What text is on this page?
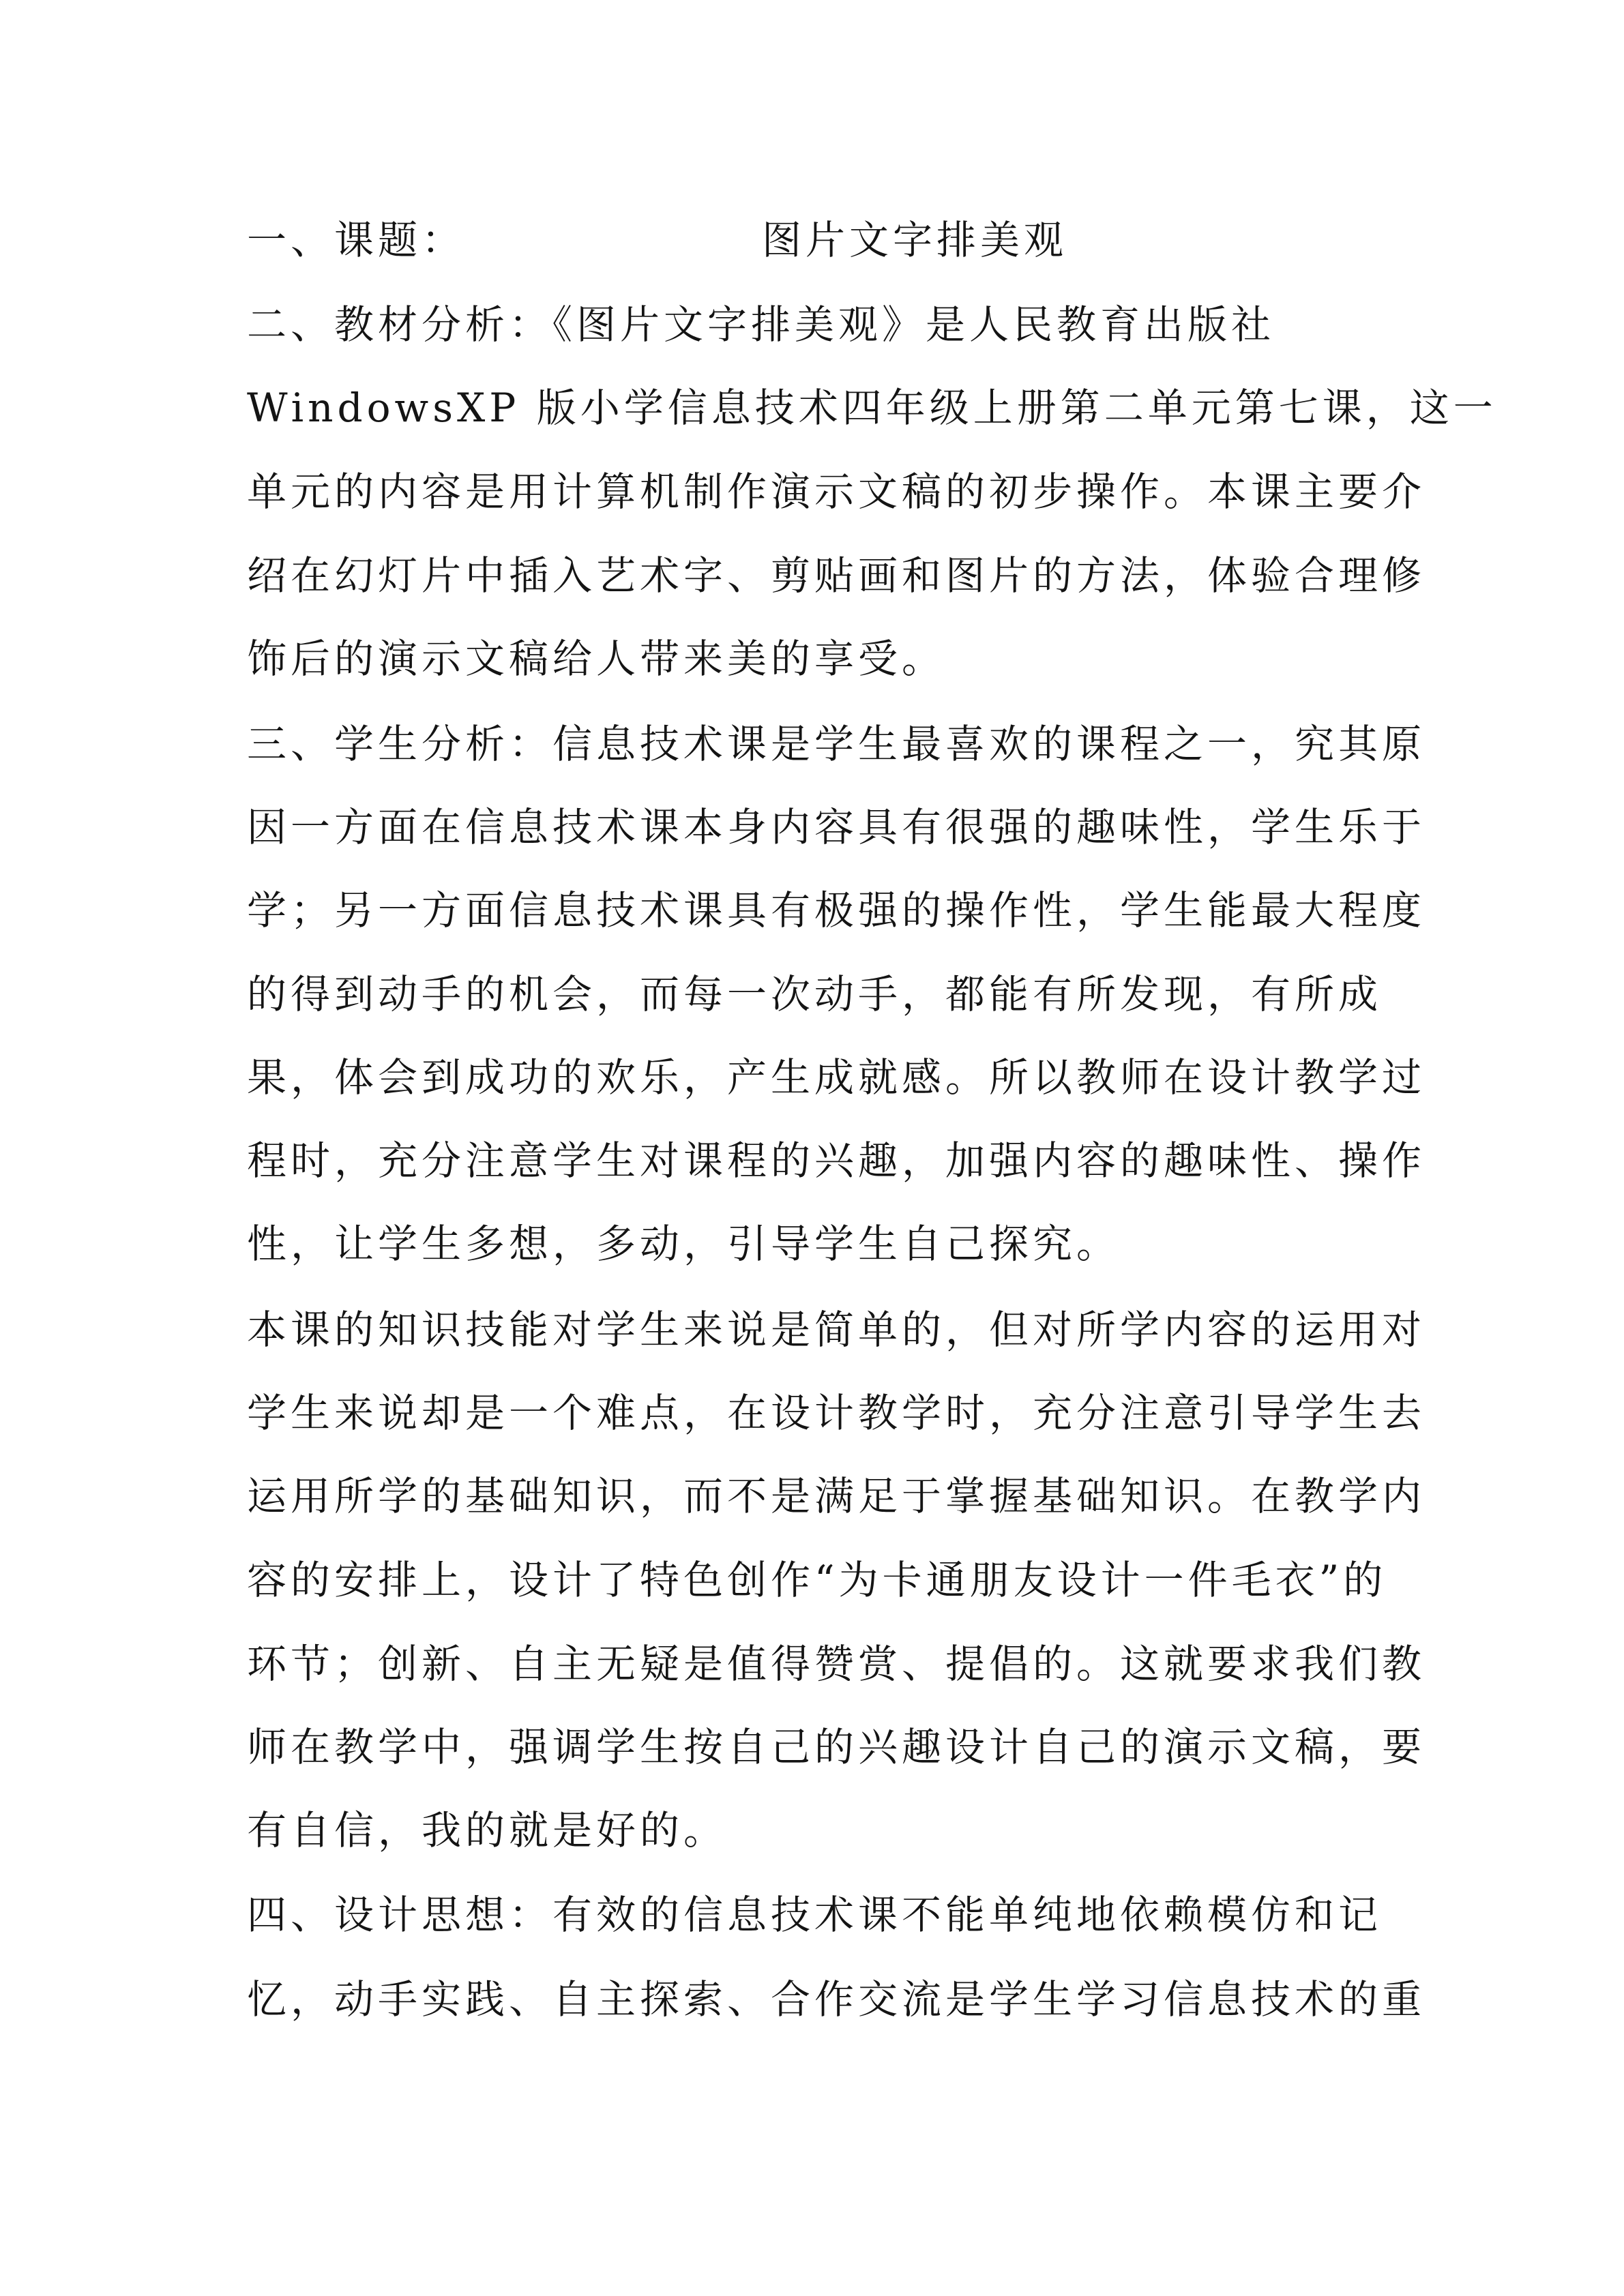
一、课题：	图片文字排美观
二、教材分析：《图片文字排美观》是人民教育出版社
WindowsXP 版小学信息技术四年级上册第二单元第七课，这一
单元的内容是用计算机制作演示文稿的初步操作。本课主要介
绍在幻灯片中插入艺术字、剪贴画和图片的方法，体验合理修
饰后的演示文稿给人带来美的享受。
三、学生分析：信息技术课是学生最喜欢的课程之一，究其原
因一方面在信息技术课本身内容具有很强的趣味性，学生乐于
学；另一方面信息技术课具有极强的操作性，学生能最大程度
的得到动手的机会，而每一次动手，都能有所发现，有所成
果，体会到成功的欢乐，产生成就感。所以教师在设计教学过
程时，充分注意学生对课程的兴趣，加强内容的趣味性、操作
性，让学生多想，多动，引导学生自己探究。
本课的知识技能对学生来说是简单的，但对所学内容的运用对
学生来说却是一个难点，在设计教学时，充分注意引导学生去
运用所学的基础知识，而不是满足于掌握基础知识。在教学内
容的安排上，设计了特色创作“为卡通朋友设计一件毛衣”的
环节；创新、自主无疑是值得赞赏、提倡的。这就要求我们教
师在教学中，强调学生按自己的兴趣设计自己的演示文稿，要
有自信，我的就是好的。
四、设计思想：有效的信息技术课不能单纯地依赖模仿和记
忆，动手实践、自主探索、合作交流是学生学习信息技术的重
